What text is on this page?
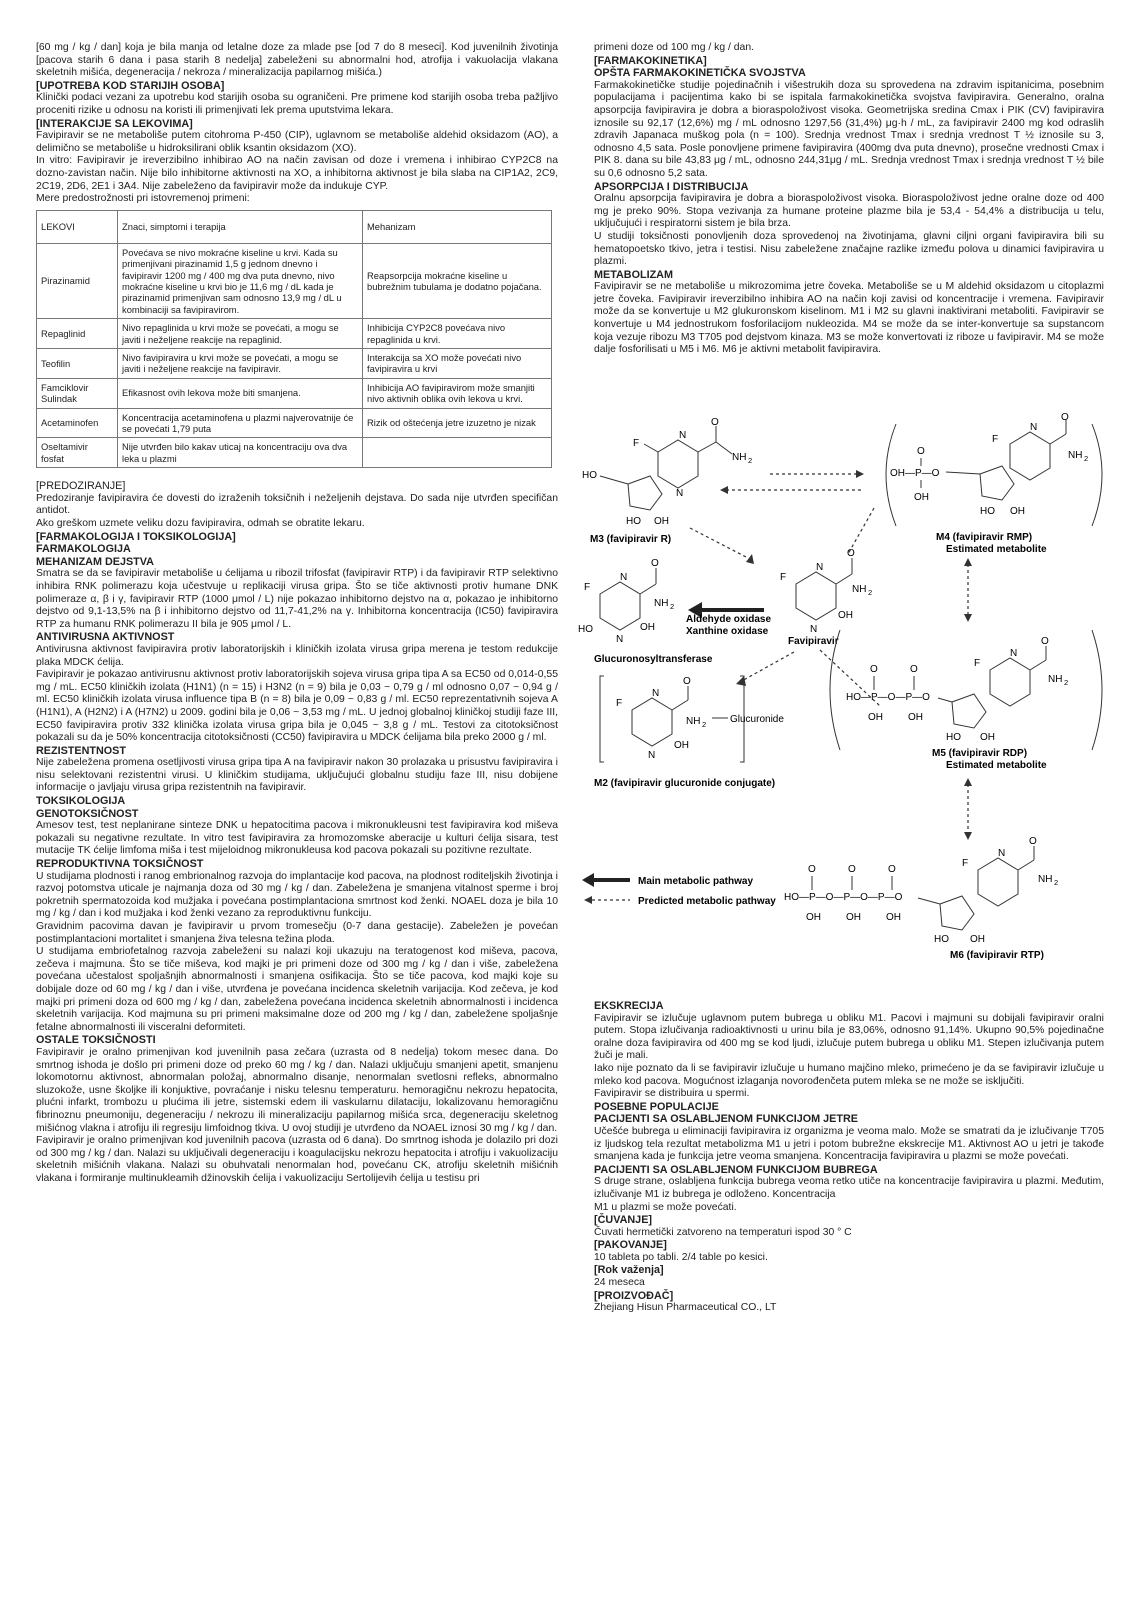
[60 mg / kg / dan] koja je bila manja od letalne doze za mlade pse [od 7 do 8 meseci]. Kod juvenilnih životinja [pacova starih 6 dana i pasa starih 8 nedelja] zabeleženi su abnormalni hod, atrofija i vakuolacija vlakana skeletnih mišića, degeneracija / nekroza / mineralizacija papilarnog mišića.)

[UPOTREBA KOD STARIJIH OSOBA]

Klinički podaci vezani za upotrebu kod starijih osoba su ograničeni. Pre primene kod starijih osoba treba pažljivo proceniti rizike u odnosu na koristi ili primenjivati lek prema uputstvima lekara.

[INTERAKCIJE SA LEKOVIMA]

Favipiravir se ne metaboliše putem citohroma P-450 (CIP), uglavnom se metaboliše aldehid oksidazom (AO), a delimično se metaboliše u hidroksilirani oblik ksantin oksidazom (XO).

In vitro: Favipiravir je ireverzibilno inhibirao AO na način zavisan od doze i vremena i inhibirao CYP2C8 na dozno-zavistan način. Nije bilo inhibitorne aktivnosti na XO, a inhibitorna aktivnost je bila slaba na CIP1A2, 2C9, 2C19, 2D6, 2E1 i 3A4. Nije zabeleženo da favipiravir može da indukuje CYP.

Mere predostrožnosti pri istovremenoj primeni:

LEKOVI	Znaci, simptomi i terapija	Mehanizam
Pirazinamid	Povećava se nivo mokraćne kiseline u krvi. Kada su primenjivani pirazinamid 1,5 g jednom dnevno i favipiravir 1200 mg / 400 mg dva puta dnevno, nivo mokraćne kiseline u krvi bio je 11,6 mg / dL kada je pirazinamid primenjivan sam odnosno 13,9 mg / dL u kombinaciji sa favipiravirom.	Reapsorpcija mokraćne kiseline u bubrežnim tubulama je dodatno pojačana.
Repaglinid	Nivo repaglinida u krvi može se povećati, a mogu se javiti i neželjene reakcije na repaglinid.	Inhibicija CYP2C8 povećava nivo repaglinida u krvi.
Teofilin	Nivo favipiravira u krvi može se povećati, a mogu se javiti i neželjene reakcije na favipiravir.	Interakcija sa XO može povećati nivo favipiravira u krvi
Famciklovir Sulindak	Efikasnost ovih lekova može biti smanjena.	Inhibicija AO favipiravirom može smanjiti nivo aktivnih oblika ovih lekova u krvi.
Acetaminofen	Koncentracija acetaminofena u plazmi najverovatnije će se povećati 1,79 puta	Rizik od oštećenja jetre izuzetno je nizak
Oseltamivir fosfat	Nije utvrđen bilo kakav uticaj na koncentraciju ova dva leka u plazmi	

[PREDOZIRANJE]

Predoziranje favipiravira će dovesti do izraženih toksičnih i neželjenih dejstava. Do sada nije utvrđen specifičan antidot.

Ako greškom uzmete veliku dozu favipiravira, odmah se obratite lekaru.

[FARMAKOLOGIJA I TOKSIKOLOGIJA]

FARMAKOLOGIJA

MEHANIZAM DEJSTVA

Smatra se da se favipiravir metaboliše u ćelijama u ribozil trifosfat (favipiravir RTP) i da favipiravir RTP selektivno inhibira RNK polimerazu koja učestvuje u replikaciji virusa gripa. Što se tiče aktivnosti protiv humane DNK polimeraze α, β i γ, favipiravir RTP (1000 μmol / L) nije pokazao inhibitorno dejstvo na α, pokazao je inhibitorno dejstvo od 9,1-13,5% na β i inhibitorno dejstvo od 11,7-41,2% na γ. Inhibitorna koncentracija (IC50) favipiravira RTP za humanu RNK polimerazu II bila je 905 μmol / L.

ANTIVIRUSNA AKTIVNOST

Antivirusna aktivnost favipiravira protiv laboratorijskih i kliničkih izolata virusa gripa merena je testom redukcije plaka MDCK ćelija.

Favipiravir je pokazao antivirusnu aktivnost protiv laboratorijskih sojeva virusa gripa tipa A sa EC50 od 0,014-0,55 mg / mL. EC50 kliničkih izolata (H1N1) (n = 15) i H3N2 (n = 9) bila je 0,03 ~ 0,79 g / ml odnosno 0,07 ~ 0,94 g / ml. EC50 kliničkih izolata virusa influence tipa B (n = 8) bila je 0,09 ~ 0,83 g / ml. EC50 reprezentativnih sojeva A (H1N1), A (H2N2) i A (H7N2) u 2009. godini bila je 0,06 ~ 3,53 mg / mL. U jednoj globalnoj kliničkoj studiji faze III, EC50 favipiravira protiv 332 klinička izolata virusa gripa bila je 0,045 ~ 3,8 g / mL. Testovi za citotoksičnost pokazali su da je 50% koncentracija citotoksičnosti (CC50) favipiravira u MDCK ćelijama bila preko 2000 g / ml.

REZISTENTNOST

Nije zabeležena promena osetljivosti virusa gripa tipa A na favipiravir nakon 30 prolazaka u prisustvu favipiravira i nisu selektovani rezistentni virusi. U kliničkim studijama, uključujući globalnu studiju faze III, nisu dobijene informacije o javljaju virusa gripa rezistentnih na favipiravir.

TOKSIKOLOGIJA

GENOTOKSIČNOST

Amesov test, test neplanirane sinteze DNK u hepatocitima pacova i mikronukleusni test favipiravira kod miševa pokazali su negativne rezultate. In vitro test favipiravira za hromozomske aberacije u kulturi ćelija sisara, test mutacije TK ćelije limfoma miša i test mijeloidnog mikronukleusa kod pacova pokazali su pozitivne rezultate.

REPRODUKTIVNA TOKSIČNOST

U studijama plodnosti i ranog embrionalnog razvoja do implantacije kod pacova, na plodnost roditeljskih životinja i razvoj potomstva uticale je najmanja doza od 30 mg / kg / dan. Zabeležena je smanjena vitalnost sperme i broj pokretnih spermatozoida kod mužjaka i povećana postimplantaciona smrtnost kod ženki. NOAEL doza je bila 10 mg / kg / dan i kod mužjaka i kod ženki vezano za reproduktivnu funkciju.

Gravidnim pacovima davan je favipiravir u prvom tromesečju (0-7 dana gestacije). Zabeležen je povećan postimplantacioni mortalitet i smanjena živa telesna težina ploda.

U studijama embriofetalnog razvoja zabeleženi su nalazi koji ukazuju na teratogenost kod miševa, pacova, zečeva i majmuna. Što se tiče miševa, kod majki je pri primeni doze od 300 mg / kg / dan i više, zabeležena povećana učestalost spoljašnjih abnormalnosti i smanjena osifikacija. Što se tiče pacova, kod majki koje su dobijale doze od 60 mg / kg / dan i više, utvrđena je povećana incidenca skeletnih varijacija. Kod zečeva, je kod majki pri primeni doza od 600 mg / kg / dan, zabeležena povećana incidenca skeletnih abnormalnosti i incidenca skeletnih varijacija. Kod majmuna su pri primeni maksimalne doze od 200 mg / kg / dan, zabeležene spoljašnje fetalne abnormalnosti ili visceralni deformiteti.

OSTALE TOKSIČNOSTI

Favipiravir je oralno primenjivan kod juvenilnih pasa zečara (uzrasta od 8 nedelja) tokom mesec dana. Do smrtnog ishoda je došlo pri primeni doze od preko 60 mg / kg / dan. Nalazi uključuju smanjeni apetit, smanjenu lokomotornu aktivnost, abnormalan položaj, abnormalno disanje, nenormalan svetlosni refleks, abnormalno sluzokože, usne školjke ili konjuktive, povraćanje i nisku telesnu temperaturu. hemoragičnu nekrozu hepatocita, plućni infarkt, trombozu u plućima ili jetre, sistemski edem ili vaskularnu dilataciju, lokalizovanu hemoragičnu fibrinoznu pneumoniju, degeneraciju / nekrozu ili mineralizaciju papilarnog mišića srca, degeneraciju skeletnog mišićnog vlakna i atrofiju ili regresiju limfoidnog tkiva. U ovoj studiji je utvrđeno da NOAEL iznosi 30 mg / kg / dan.

Favipiravir je oralno primenjivan kod juvenilnih pacova (uzrasta od 6 dana). Do smrtnog ishoda je dolazilo pri dozi od 300 mg / kg / dan. Nalazi su uključivali degeneraciju i koagulacijsku nekrozu hepatocita i atrofiju i vakuolizaciju skeletnih mišićnih vlakana. Nalazi su obuhvatali nenormalan hod, povećanu CK, atrofiju skeletnih mišićnih vlakana i formiranje multinukleamih džinovskih ćelija i vakuolizaciju Sertolijevih ćelija u testisu pri

primeni doze od 100 mg / kg / dan.

[FARMAKOKINETIKA]

OPŠTA FARMAKOKINETIČKA SVOJSTVA

Farmakokinetičke studije pojedinačnih i višestrukih doza su sprovedena na zdravim ispitanicima, posebnim populacijama i pacijentima kako bi se ispitala farmakokinetička svojstva favipiravira. Generalno, oralna apsorpcija favipiravira je dobra a bioraspoloživost visoka. Geometrijska sredina Cmax i PIK (CV) favipiravira iznosile su 92,17 (12,6%) mg / mL odnosno 1297,56 (31,4%) μg·h / mL, za favipiravir 2400 mg kod odraslih zdravih Japanaca muškog pola (n = 100). Srednja vrednost Tmax i srednja vrednost T ½ iznosile su 3, odnosno 4,5 sata. Posle ponovljene primene favipiravira (400mg dva puta dnevno), prosečne vrednosti Cmax i PIK 8. dana su bile 43,83 μg / mL, odnosno 244,31μg / mL. Srednja vrednost Tmax i srednja vrednost T ½ bile su 0,6 odnosno 5,2 sata.

APSORPCIJA I DISTRIBUCIJA

Oralnu apsorpcija favipiravira je dobra a bioraspoloživost visoka. Bioraspoloživost jedne oralne doze od 400 mg je preko 90%. Stopa vezivanja za humane proteine plazme bila je 53,4 - 54,4% a distribucija u telu, uključujući i respiratorni sistem je bila brza.

U studiji toksičnosti ponovljenih doza sprovedenoj na životinjama, glavni ciljni organi favipiravira bili su hematopoetsko tkivo, jetra i testisi. Nisu zabeležene značajne razlike između polova u dinamici favipiravira u plazmi.

METABOLIZAM

Favipiravir se ne metaboliše u mikrozomima jetre čoveka. Metaboliše se u M aldehid oksidazom u citoplazmi jetre čoveka. Favipiravir ireverzibilno inhibira AO na način koji zavisi od koncentracije i vremena. Favipiravir može da se konvertuje u M2 glukuronskom kiselinom. M1 i M2 su glavni inaktivirani metaboliti. Favipiravir se konvertuje u M4 jednostrukom fosforilacijom nukleozida. M4 se može da se inter-konvertuje sa supstancom koja vezuje ribozu M3 T705 pod dejstvom kinaza. M3 se može konvertovati iz riboze u favipiravir. M4 se može dalje fosforilisati u M5 i M6. M6 je aktivni metabolit favipiravira.

F
N
O
NH 2
N
HO
HO OH
M3 (favipiravir R)
OH—P—O
O
OH
O
NH 2
F
N
HO OH
M4 (favipiravir RMP)
Estimated metabolite
O
NH 2
F
N
N
OH
Favipiravir
Aldehyde oxidase
Xanthine oxidase
O
NH 2
F
N
HO
N
OH
Glucuronosyltransferase
O
NH 2
F
N
N
OH
Glucuronide
M2 (favipiravir glucuronide conjugate)
HO—P—O—P—O
O	O
OH	OH
O
NH 2
F
N
HO OH
M5 (favipiravir RDP)
Estimated metabolite
Main metabolic pathway
Predicted metabolic pathway HO—P—O—P—O—P—O
O	O	O
OH	OH	OH
O
NH 2
F
N
HO OH
M6 (favipiravir RTP)

EKSKRECIJA

Favipiravir se izlučuje uglavnom putem bubrega u obliku M1. Pacovi i majmuni su dobijali favipiravir oralni putem. Stopa izlučivanja radioaktivnosti u urinu bila je 83,06%, odnosno 91,14%. Ukupno 90,5% pojedinačne oralne doza favipiravira od 400 mg se kod ljudi, izlučuje putem bubrega u obliku M1. Stepen izlučivanja putem žuči je mali.

Iako nije poznato da li se favipiravir izlučuje u humano majčino mleko, primećeno je da se favipiravir izlučuje u mleko kod pacova. Mogućnost izlaganja novorođenčeta putem mleka se ne može se isključiti.

Favipiravir se distribuira u spermi.

POSEBNE POPULACIJE

PACIJENTI SA OSLABLJENOM FUNKCIJOM JETRE

Učešće bubrega u eliminaciji favipiravira iz organizma je veoma malo. Može se smatrati da je izlučivanje T705 iz ljudskog tela rezultat metabolizma M1 u jetri i potom bubrežne ekskrecije M1. Aktivnost AO u jetri je takođe smanjena kada je funkcija jetre veoma smanjena. Koncentracija favipiravira u plazmi se može povećati.

PACIJENTI SA OSLABLJENOM FUNKCIJOM BUBREGA

S druge strane, oslabljena funkcija bubrega veoma retko utiče na koncentracije favipiravira u plazmi. Međutim, izlučivanje M1 iz bubrega je odloženo. Koncentracija

M1 u plazmi se može povećati.

[ČUVANJE]

Čuvati hermetički zatvoreno na temperaturi ispod 30 ° C

[PAKOVANJE]

10 tableta po tabli. 2/4 table po kesici.

[Rok važenja]

24 meseca

[PROIZVOĐAČ]

Zhejiang Hisun Pharmaceutical CO., LT
